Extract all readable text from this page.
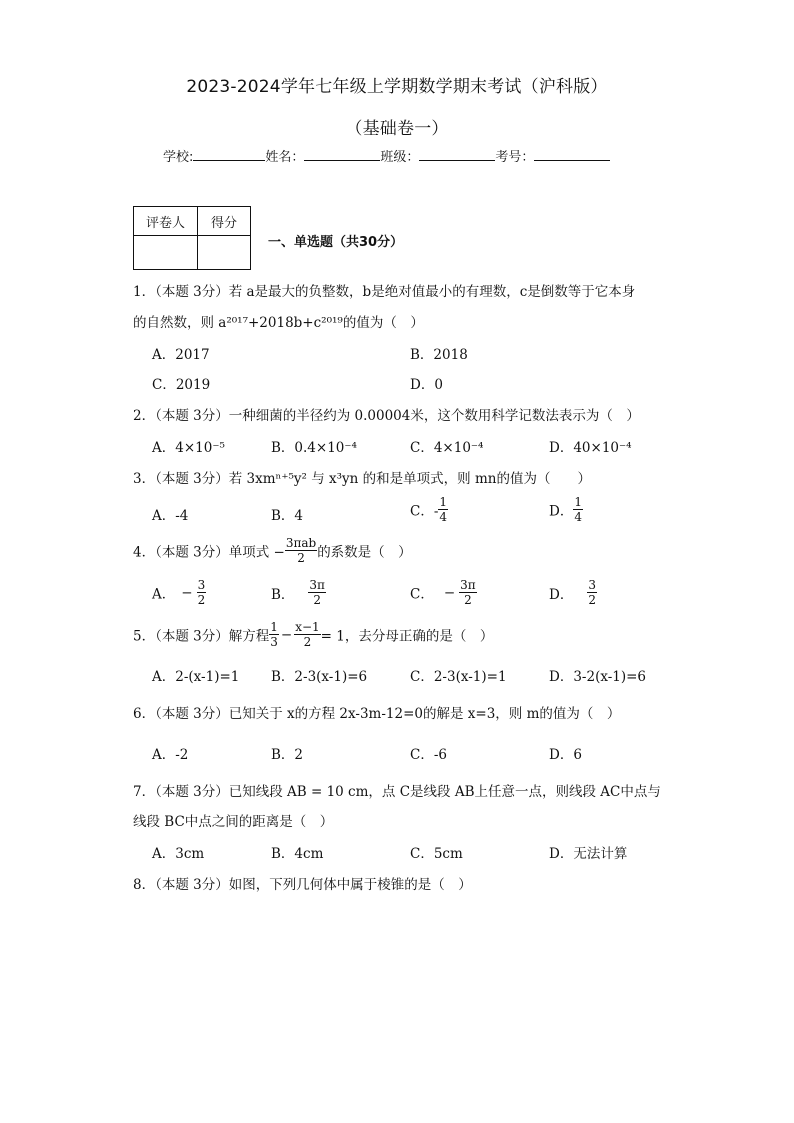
2023-2024学年七年级上学期数学期末考试（沪科版）
（基础卷一）
学校:	姓名：	班级：	考号：
评卷人	得分

一、单选题（共30分）
1．（本题 3分）若 a是最大的负整数，b是绝对值最小的有理数，c是倒数等于它本身
的自然数，则 a²⁰¹⁷+2018b+c²⁰¹⁹的值为（　）
A．2017	B．2018
C．2019	D．0
2．（本题 3分）一种细菌的半径约为 0.00004米，这个数用科学记数法表示为（　）
A．4×10⁻⁵	B．0.4×10⁻⁴	C．4×10⁻⁴	D．40×10⁻⁴
3．（本题 3分）若 3xmⁿ⁺⁵y² 与 x³yn 的和是单项式，则 mn的值为（　　）
A．-4	B．4	C．- $\frac{1}{4}$	D． $\frac{1}{4}$
4．（本题 3分）单项式 − $\frac{\text{3πab}}{2}$ 的系数是（　）
A． − $\frac{3}{2}$	B． $\frac{3\pi}{2}$	C． − $\frac{3\pi}{2}$	D． $\frac{3}{2}$
5．（本题 3分）解方程 $\frac{1}{3} - \frac{x-1}{2} = 1$，去分母正确的是（　）
A．2-(x-1)=1 B．2-3(x-1)=6	C．2-3(x-1)=1	D．3-2(x-1)=6
6．（本题 3分）已知关于 x的方程 2x-3m-12=0的解是 x=3，则 m的值为（　）
A．-2	B．2	C．-6	D．6
7．（本题 3分）已知线段 AB = 10 cm，点 C是线段 AB上任意一点，则线段 AC中点与
线段 BC中点之间的距离是（　）
A．3cm	B．4cm	C．5cm	D．无法计算
8．（本题 3分）如图，下列几何体中属于棱锥的是（　）
